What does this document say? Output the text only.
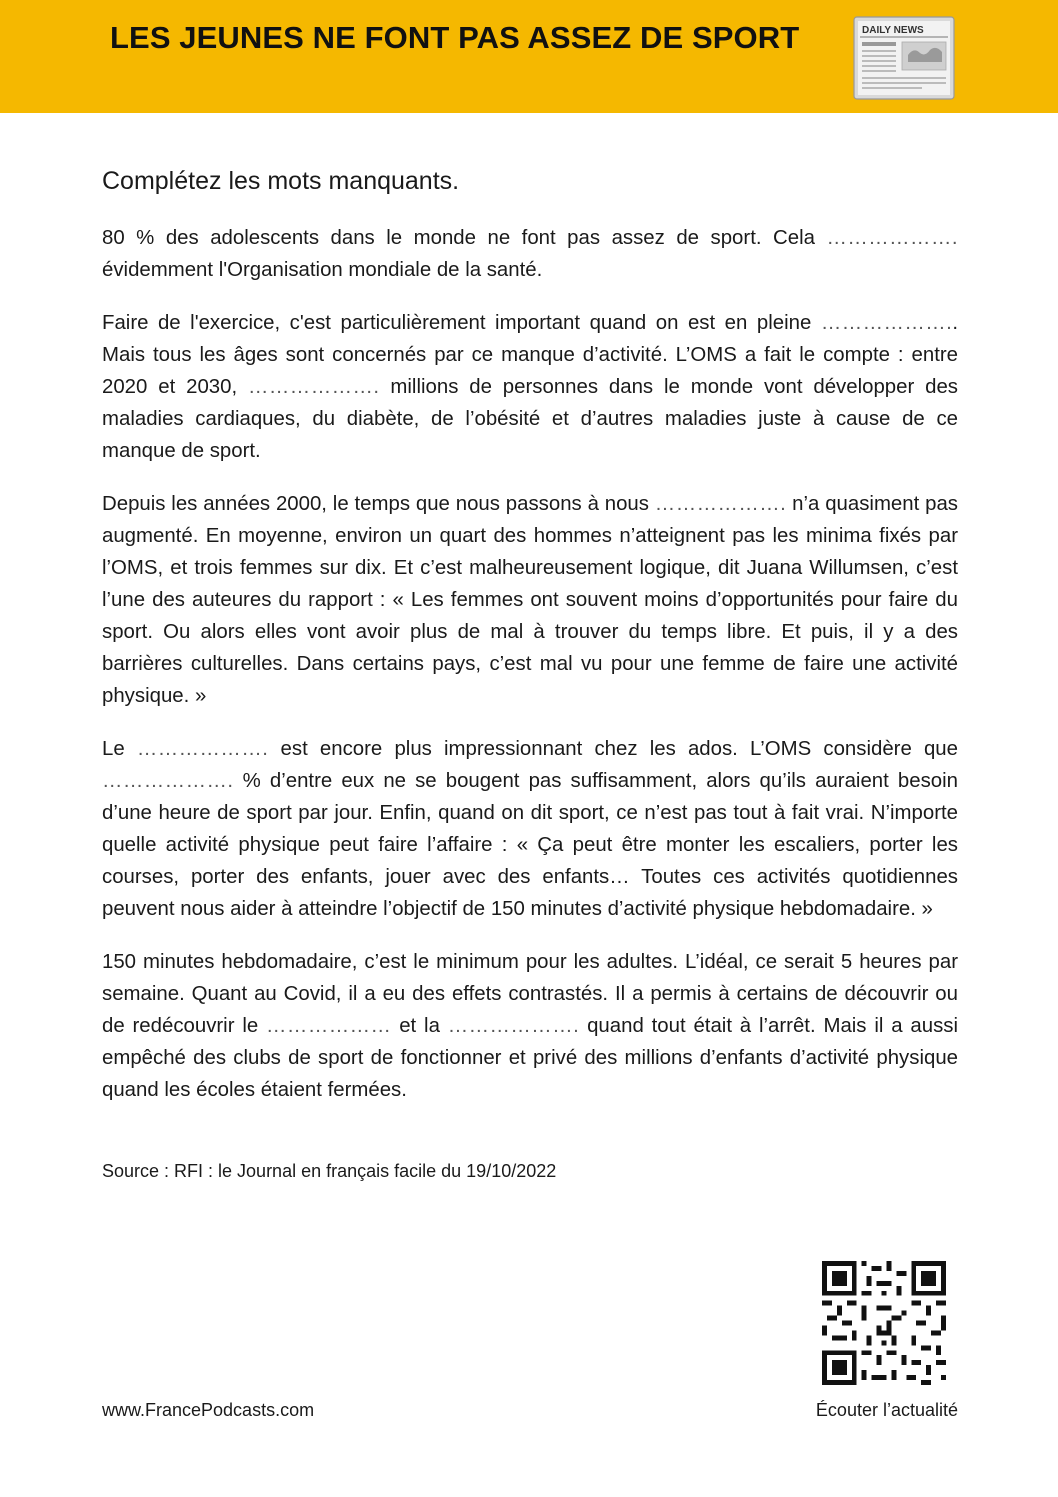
LES JEUNES NE FONT PAS ASSEZ DE SPORT	DAILY NEWS

Complétez les mots manquants.

80 % des adolescents dans le monde ne font pas assez de sport. Cela ………………. évidemment l'Organisation mondiale de la santé.

Faire de l'exercice, c'est particulièrement important quand on est en pleine ……………….. Mais tous les âges sont concernés par ce manque d’activité. L’OMS a fait le compte : entre 2020 et 2030, ………………. millions de personnes dans le monde vont développer des maladies cardiaques, du diabète, de l’obésité et d’autres maladies juste à cause de ce manque de sport.

Depuis les années 2000, le temps que nous passons à nous ………………. n’a quasiment pas augmenté. En moyenne, environ un quart des hommes n’atteignent pas les minima fixés par l’OMS, et trois femmes sur dix. Et c’est malheureusement logique, dit Juana Willumsen, c’est l’une des auteures du rapport : « Les femmes ont souvent moins d’opportunités pour faire du sport. Ou alors elles vont avoir plus de mal à trouver du temps libre. Et puis, il y a des barrières culturelles. Dans certains pays, c’est mal vu pour une femme de faire une activité physique. »

Le ………………. est encore plus impressionnant chez les ados. L’OMS considère que ………………. % d’entre eux ne se bougent pas suffisamment, alors qu’ils auraient besoin d’une heure de sport par jour. Enfin, quand on dit sport, ce n’est pas tout à fait vrai. N’importe quelle activité physique peut faire l’affaire : « Ça peut être monter les escaliers, porter les courses, porter des enfants, jouer avec des enfants… Toutes ces activités quotidiennes peuvent nous aider à atteindre l’objectif de 150 minutes d’activité physique hebdomadaire. »

150 minutes hebdomadaire, c’est le minimum pour les adultes. L’idéal, ce serait 5 heures par semaine. Quant au Covid, il a eu des effets contrastés. Il a permis à certains de découvrir ou de redécouvrir le ……………… et la ………………. quand tout était à l’arrêt. Mais il a aussi empêché des clubs de sport de fonctionner et privé des millions d’enfants d’activité physique quand les écoles étaient fermées.

Source : RFI : le Journal en français facile du 19/10/2022

www.FrancePodcasts.com	Écouter l’actualité
